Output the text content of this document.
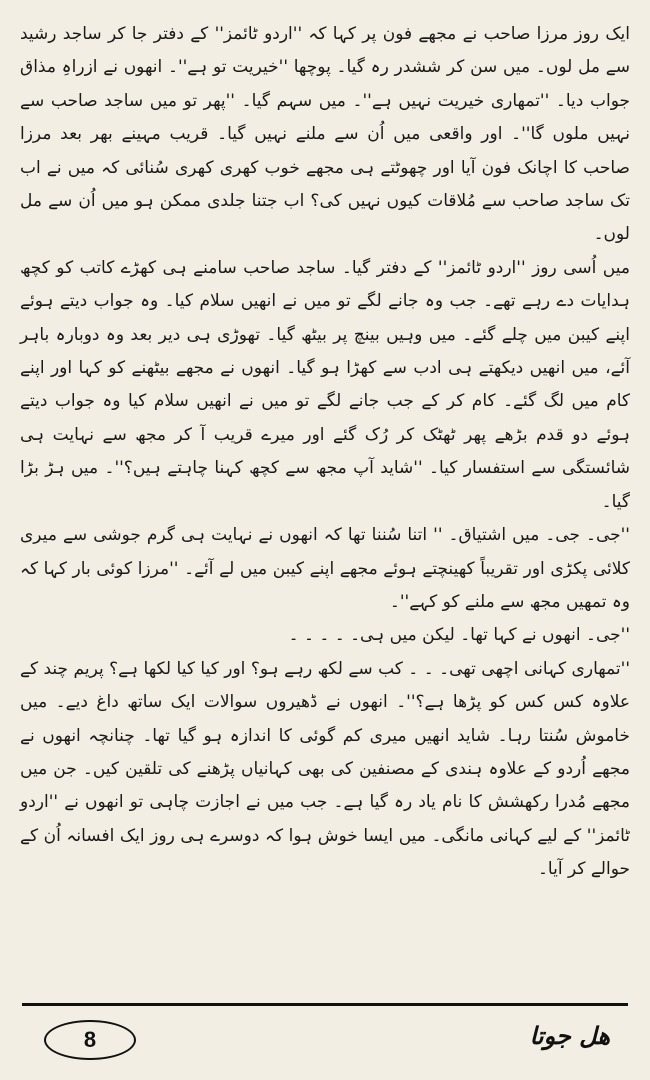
ایک روز مرزا صاحب نے مجھے فون پر کہا کہ ''اردو ٹائمز'' کے دفتر جا کر ساجد رشید سے مل لوں۔ میں سن کر ششدر رہ گیا۔ پوچھا ''خیریت تو ہے''۔ انھوں نے ازراہِ مذاق جواب دیا۔ ''تمھاری خیریت نہیں ہے''۔ میں سہم گیا۔ ''پھر تو میں ساجد صاحب سے نہیں ملوں گا''۔ اور واقعی میں اُن سے ملنے نہیں گیا۔ قریب مہینے بھر بعد مرزا صاحب کا اچانک فون آیا اور چھوٹتے ہی مجھے خوب کھری کھری سُنائی کہ میں نے اب تک ساجد صاحب سے مُلاقات کیوں نہیں کی؟ اب جتنا جلدی ممکن ہو میں اُن سے مل لوں۔

میں اُسی روز ''اردو ٹائمز'' کے دفتر گیا۔ ساجد صاحب سامنے ہی کھڑے کاتب کو کچھ ہدایات دے رہے تھے۔ جب وہ جانے لگے تو میں نے انھیں سلام کیا۔ وہ جواب دیتے ہوئے اپنے کیبن میں چلے گئے۔ میں وہیں بینچ پر بیٹھ گیا۔ تھوڑی ہی دیر بعد وہ دوبارہ باہر آئے، میں انھیں دیکھتے ہی ادب سے کھڑا ہو گیا۔ انھوں نے مجھے بیٹھنے کو کہا اور اپنے کام میں لگ گئے۔ کام کر کے جب جانے لگے تو میں نے انھیں سلام کیا وہ جواب دیتے ہوئے دو قدم بڑھے پھر ٹھٹک کر رُک گئے اور میرے قریب آ کر مجھ سے نہایت ہی شائستگی سے استفسار کیا۔ ''شاید آپ مجھ سے کچھ کہنا چاہتے ہیں؟''۔ میں ہڑ بڑا گیا۔

''جی۔ جی۔ میں اشتیاق۔ '' اتنا سُننا تھا کہ انھوں نے نہایت ہی گرم جوشی سے میری کلائی پکڑی اور تقریباً کھینچتے ہوئے مجھے اپنے کیبن میں لے آئے۔ ''مرزا کوئی بار کہا کہ وہ تمھیں مجھ سے ملنے کو کہے''۔

''جی۔ انھوں نے کہا تھا۔ لیکن میں ہی۔ ۔ ۔ ۔ ۔

''تمھاری کہانی اچھی تھی۔ ۔ ۔ کب سے لکھ رہے ہو؟ اور کیا کیا لکھا ہے؟ پریم چند کے علاوہ کس کس کو پڑھا ہے؟''۔ انھوں نے ڈھیروں سوالات ایک ساتھ داغ دیے۔ میں خاموش سُنتا رہا۔ شاید انھیں میری کم گوئی کا اندازہ ہو گیا تھا۔ چنانچہ انھوں نے مجھے اُردو کے علاوہ ہندی کے مصنفین کی بھی کہانیاں پڑھنے کی تلقین کیں۔ جن میں مجھے مُدرا رکھشش کا نام یاد رہ گیا ہے۔ جب میں نے اجازت چاہی تو انھوں نے ''اردو ٹائمز'' کے لیے کہانی مانگی۔ میں ایسا خوش ہوا کہ دوسرے ہی روز ایک افسانہ اُن کے حوالے کر آیا۔

8	ھل جوتا
